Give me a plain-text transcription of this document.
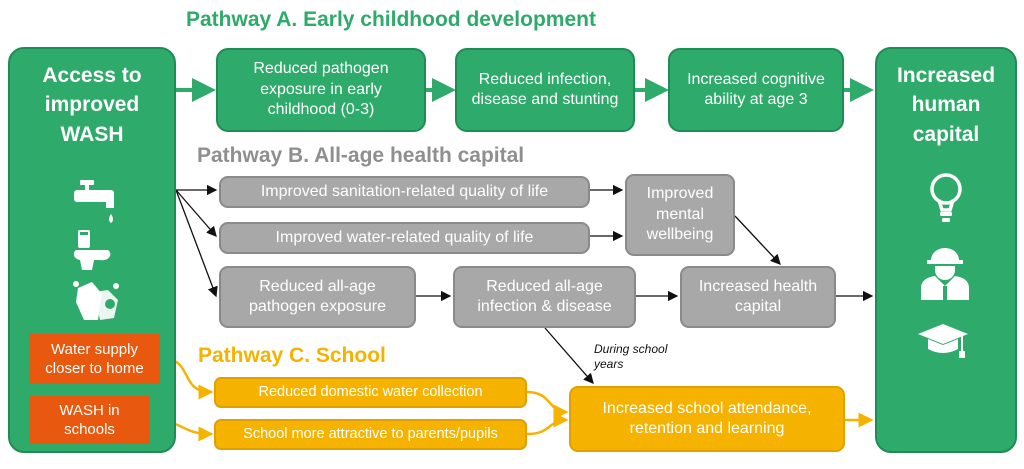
Pathway A. Early childhood development
Reduced pathogen exposure in early childhood (0-3)
Reduced infection, disease and stunting
Increased cognitive ability at age 3
Access to improved WASH
Increased human capital
Pathway B. All-age health capital
Improved sanitation-related quality of life
Improved water-related quality of life
Improved mental wellbeing
Reduced all-age pathogen exposure
Reduced all-age infection & disease
Increased health capital
Pathway C. School
Water supply closer to home
WASH in schools
Reduced domestic water collection
School more attractive to parents/pupils
Increased school attendance, retention and learning
During school years
